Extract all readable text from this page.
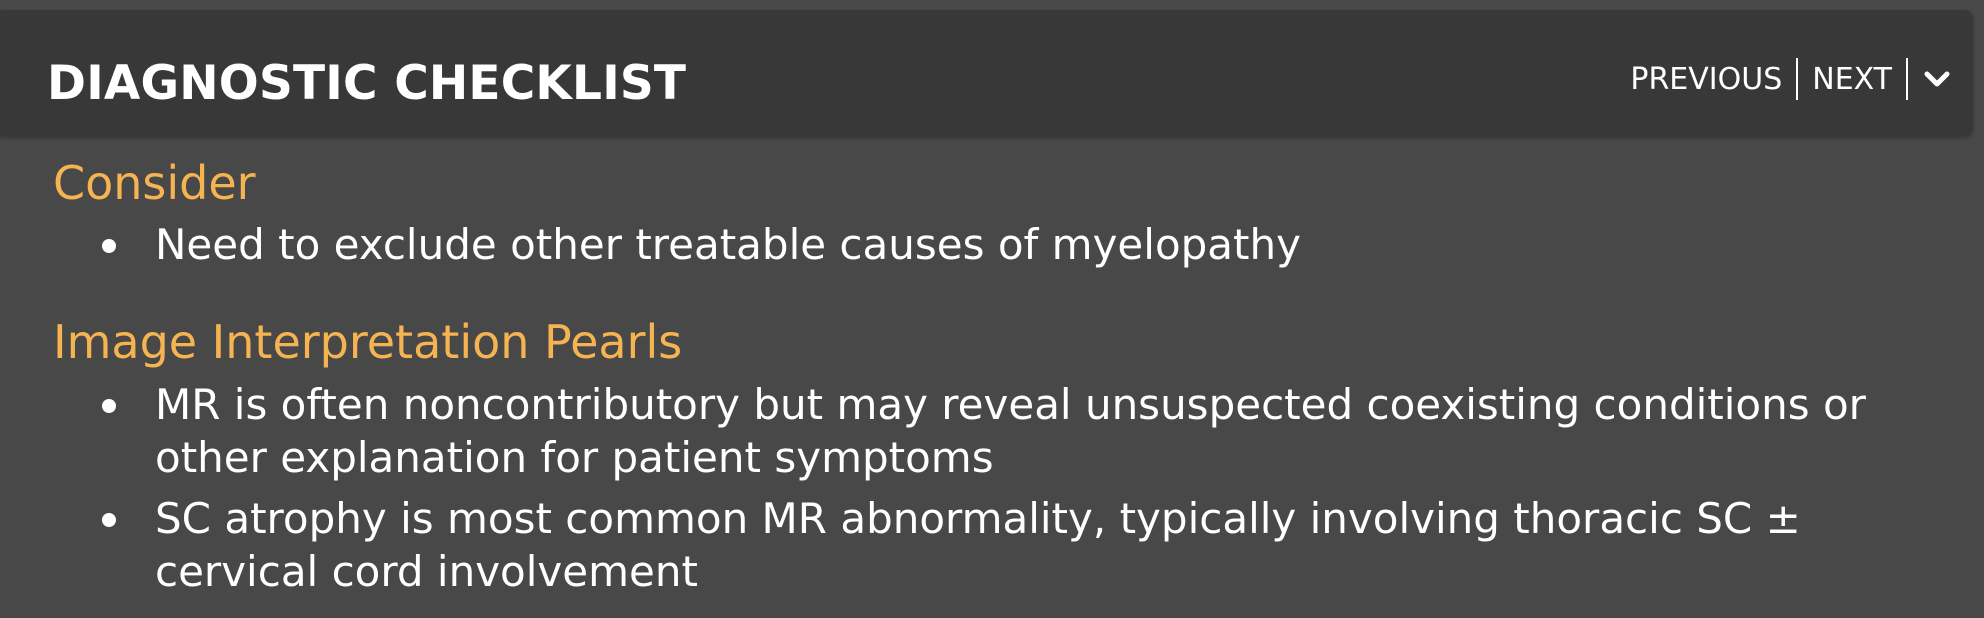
DIAGNOSTIC CHECKLIST	PREVIOUS NEXT
Consider
Need to exclude other treatable causes of myelopathy
Image Interpretation Pearls
MR is often noncontributory but may reveal unsuspected coexisting conditions or other explanation for patient symptoms
SC atrophy is most common MR abnormality, typically involving thoracic SC ± cervical cord involvement
